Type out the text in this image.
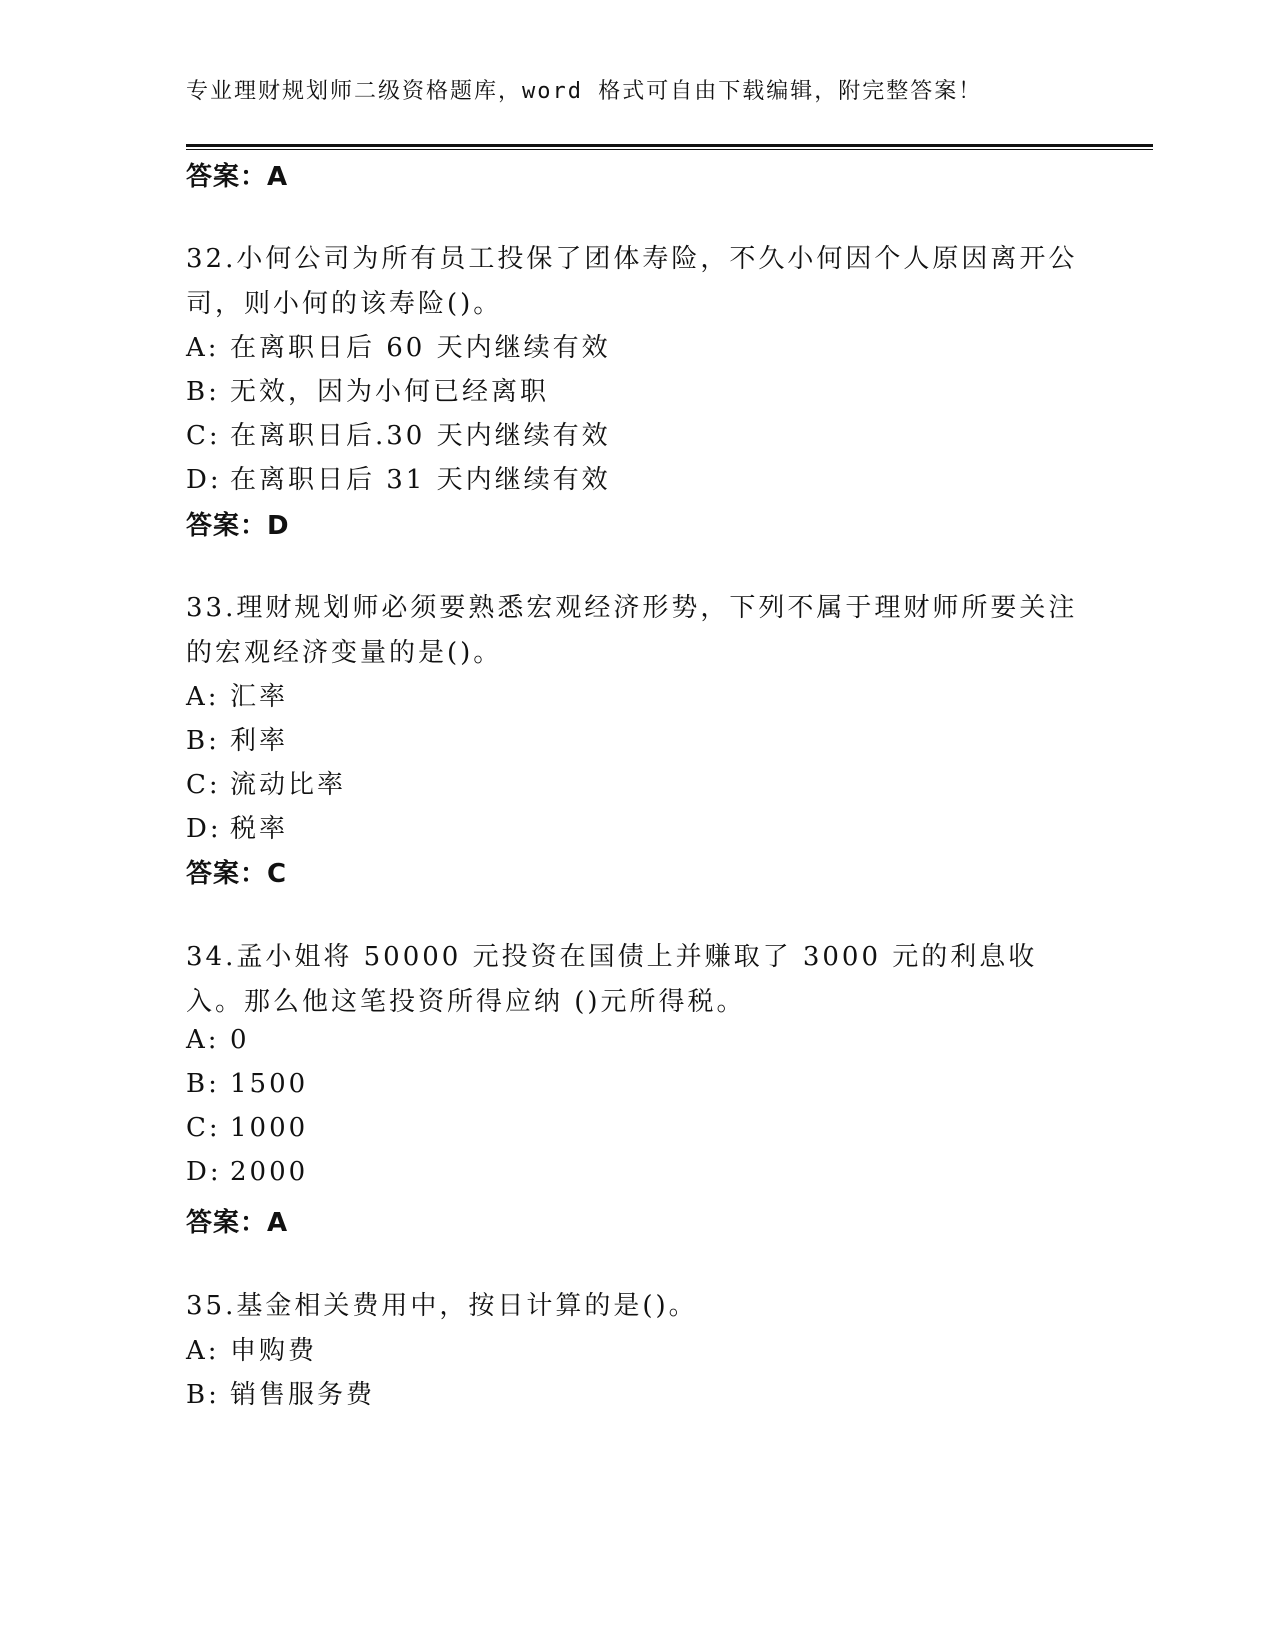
专业理财规划师二级资格题库，word 格式可自由下载编辑，附完整答案！
答案：A
32.小何公司为所有员工投保了团体寿险，不久小何因个人原因离开公司，则小何的该寿险()。
A: 在离职日后 60 天内继续有效
B: 无效，因为小何已经离职
C: 在离职日后.30 天内继续有效
D: 在离职日后 31 天内继续有效
答案：D
33.理财规划师必须要熟悉宏观经济形势，下列不属于理财师所要关注的宏观经济变量的是()。
A: 汇率
B: 利率
C: 流动比率
D: 税率
答案：C
34.孟小姐将 50000 元投资在国债上并赚取了 3000 元的利息收入。那么他这笔投资所得应纳 ()元所得税。
A: 0
B: 1500
C: 1000
D: 2000
答案：A
35.基金相关费用中，按日计算的是()。
A: 申购费
B: 销售服务费
